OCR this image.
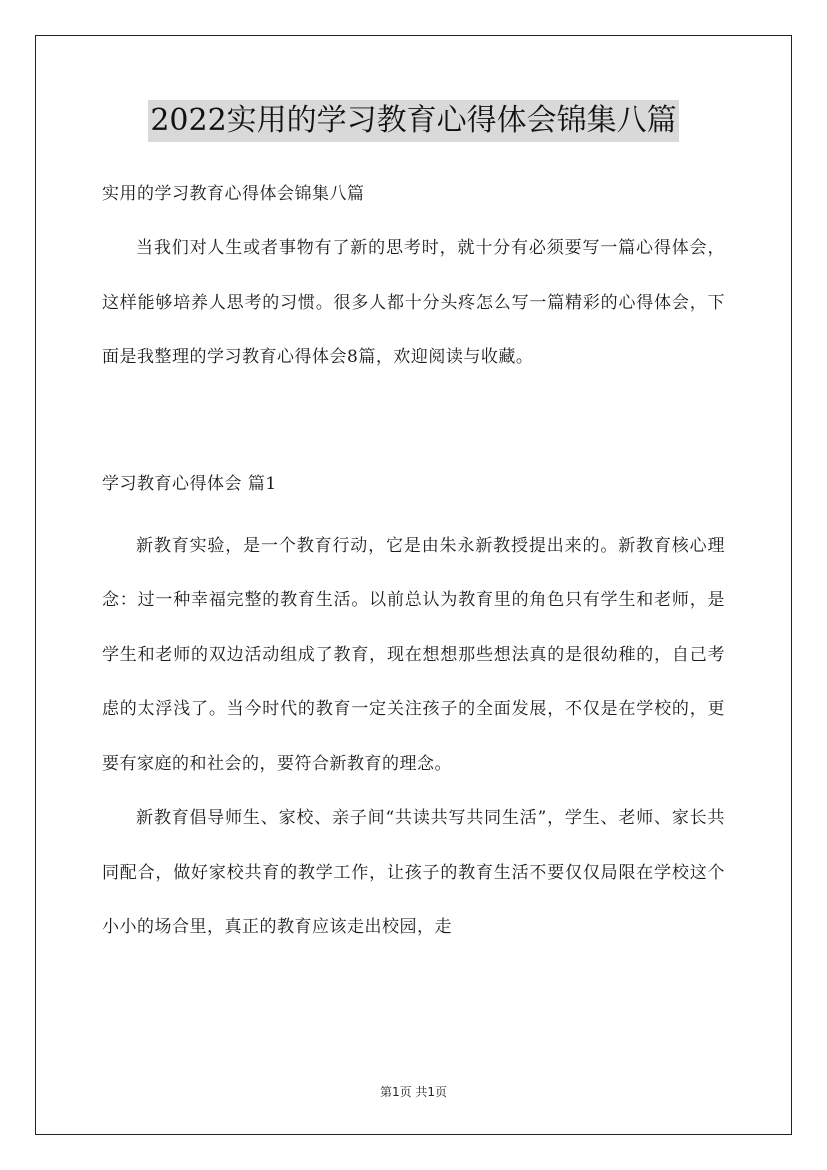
2022实用的学习教育心得体会锦集八篇

实用的学习教育心得体会锦集八篇

当我们对人生或者事物有了新的思考时，就十分有必须要写一篇心得体会，这样能够培养人思考的习惯。很多人都十分头疼怎么写一篇精彩的心得体会，下面是我整理的学习教育心得体会8篇，欢迎阅读与收藏。

学习教育心得体会 篇1

新教育实验，是一个教育行动，它是由朱永新教授提出来的。新教育核心理念：过一种幸福完整的教育生活。以前总认为教育里的角色只有学生和老师，是学生和老师的双边活动组成了教育，现在想想那些想法真的是很幼稚的，自己考虑的太浮浅了。当今时代的教育一定关注孩子的全面发展，不仅是在学校的，更要有家庭的和社会的，要符合新教育的理念。

新教育倡导师生、家校、亲子间“共读共写共同生活”，学生、老师、家长共同配合，做好家校共育的教学工作，让孩子的教育生活不要仅仅局限在学校这个小小的场合里，真正的教育应该走出校园，走

第1页 共1页
